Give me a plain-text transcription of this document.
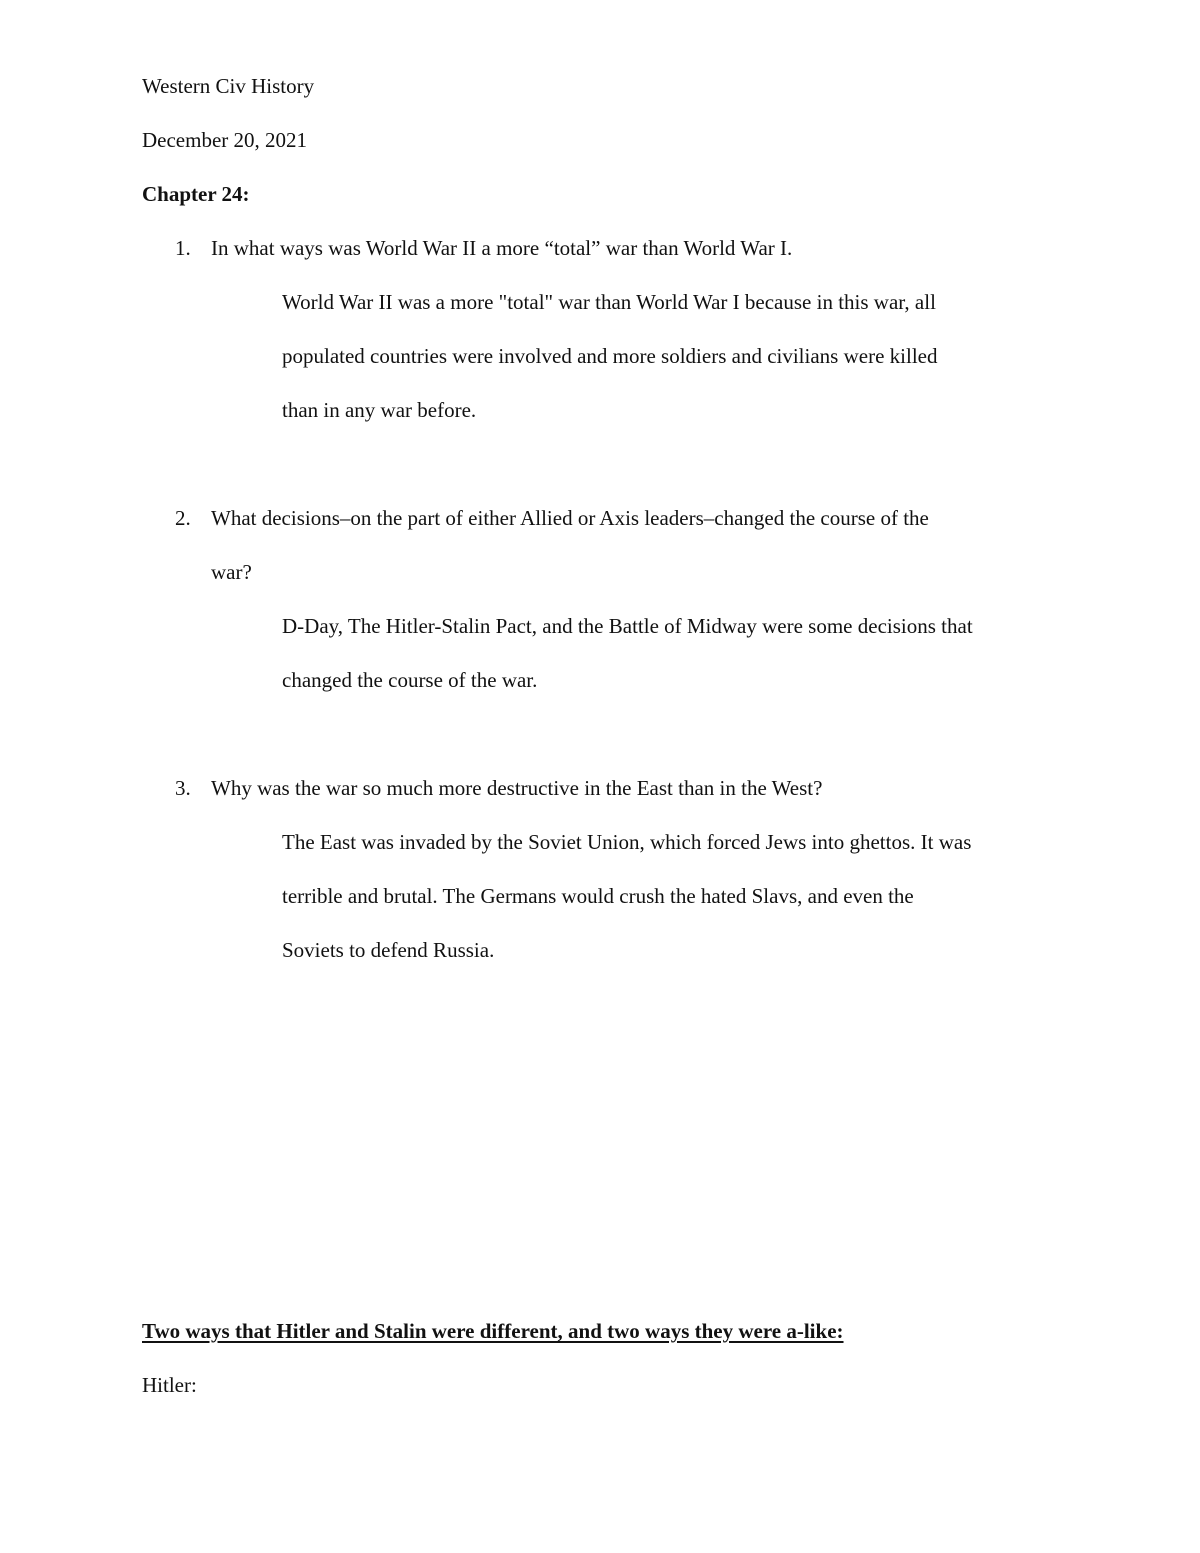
Western Civ History
December 20, 2021
Chapter 24:
1. In what ways was World War II a more “total” war than World War I.
World War II was a more "total" war than World War I because in this war, all
populated countries were involved and more soldiers and civilians were killed
than in any war before.
2. What decisions–on the part of either Allied or Axis leaders–changed the course of the
war?
D-Day, The Hitler-Stalin Pact, and the Battle of Midway were some decisions that
changed the course of the war.
3. Why was the war so much more destructive in the East than in the West?
The East was invaded by the Soviet Union, which forced Jews into ghettos. It was
terrible and brutal. The Germans would crush the hated Slavs, and even the
Soviets to defend Russia.
Two ways that Hitler and Stalin were different, and two ways they were a-like:
Hitler:
